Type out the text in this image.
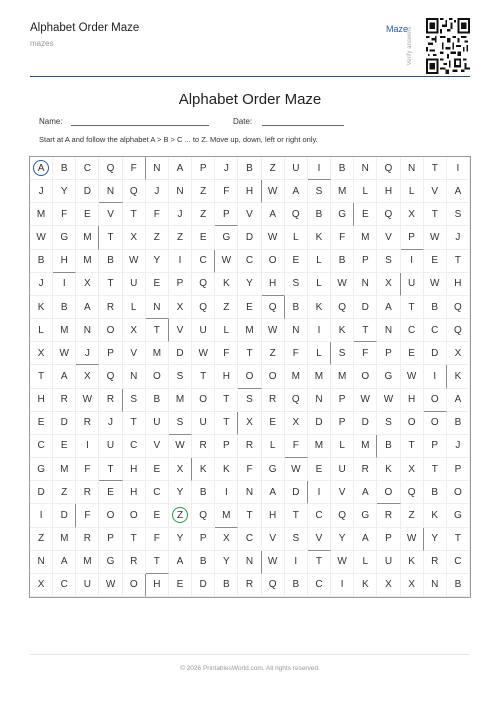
Alphabet Order Maze
mazes
Maze Verify answers
Alphabet Order Maze
Name:	Date:
Start at A and follow the alphabet A > B > C ... to Z. Move up, down, left or right only.
A B C Q F N A P J B Z U I B N Q N T I
J Y D N Q J N Z F H W A S M L H L V A
M F E V T F J Z P V A Q B G E Q X T S
W G M T X Z Z E G D W L K F M V P W J
B H M B W Y I C W C O E L B P S I E T
J I X T U E P Q K Y H S L W N X U W H
K B A R L N X Q Z E Q B K Q D A T B Q
L M N O X T V U L M W N I K T N C C Q
X W J P V M D W F T Z F L S F P E D X
T A X Q N O S T H O O M M M O G W I K
H R W R S B M O T S R Q N P W W H O A
E D R J T U S U T X E X D P D S O O B
C E I U C V W R P R L F M L M B T P J
G M F T H E X K K F G W E U R K X T P
D Z R E H C Y B I N A D I V A O Q B O
I D F O O E Z Q M T H T C Q G R Z K G
Z M R P T F Y P X C V S V Y A P W Y T
N A M G R T A B Y N W I T W L U K R C
X C U W O H E D B R Q B C I K X X N B
© 2026 PrintablesWorld.com. All rights reserved.
